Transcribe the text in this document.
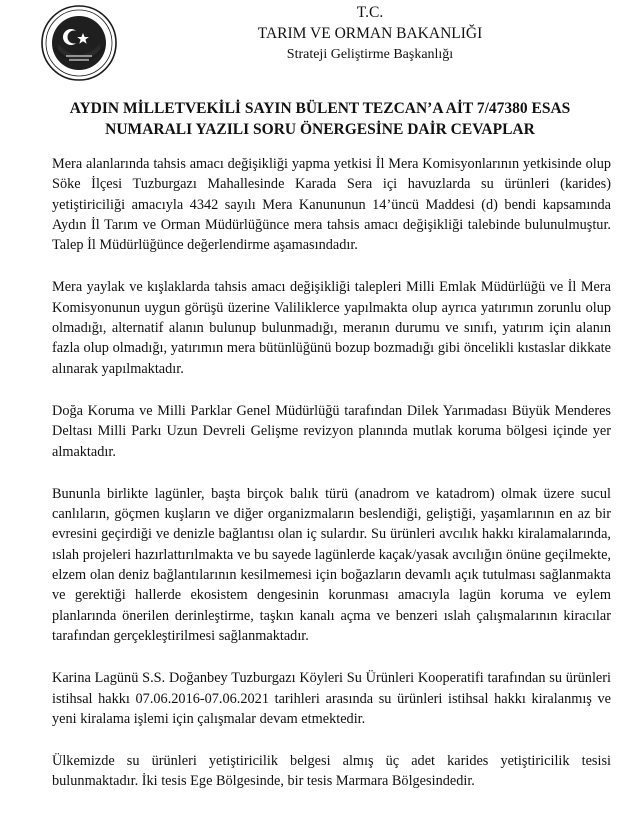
T.C.
TARIM VE ORMAN BAKANLIĞI
Strateji Geliştirme Başkanlığı
AYDIN MİLLETVEKİLİ SAYIN BÜLENT TEZCAN’A AİT 7/47380 ESAS
NUMARALI YAZILI SORU ÖNERGESİNE DAİR CEVAPLAR

Mera alanlarında tahsis amacı değişikliği yapma yetkisi İl Mera Komisyonlarının yetkisinde olup Söke İlçesi Tuzburgazı Mahallesinde Karada Sera içi havuzlarda su ürünleri (karides) yetiştiriciliği amacıyla 4342 sayılı Mera Kanununun 14’üncü Maddesi (d) bendi kapsamında Aydın İl Tarım ve Orman Müdürlüğünce mera tahsis amacı değişikliği talebinde bulunulmuştur. Talep İl Müdürlüğünce değerlendirme aşamasındadır.

Mera yaylak ve kışlaklarda tahsis amacı değişikliği talepleri Milli Emlak Müdürlüğü ve İl Mera Komisyonunun uygun görüşü üzerine Valiliklerce yapılmakta olup ayrıca yatırımın zorunlu olup olmadığı, alternatif alanın bulunup bulunmadığı, meranın durumu ve sınıfı, yatırım için alanın fazla olup olmadığı, yatırımın mera bütünlüğünü bozup bozmadığı gibi öncelikli kıstaslar dikkate alınarak yapılmaktadır.

Doğa Koruma ve Milli Parklar Genel Müdürlüğü tarafından Dilek Yarımadası Büyük Menderes Deltası Milli Parkı Uzun Devreli Gelişme revizyon planında mutlak koruma bölgesi içinde yer almaktadır.

Bununla birlikte lagünler, başta birçok balık türü (anadrom ve katadrom) olmak üzere sucul canlıların, göçmen kuşların ve diğer organizmaların beslendiği, geliştiği, yaşamlarının en az bir evresini geçirdiği ve denizle bağlantısı olan iç sulardır. Su ürünleri avcılık hakkı kiralamalarında, ıslah projeleri hazırlattırılmakta ve bu sayede lagünlerde kaçak/yasak avcılığın önüne geçilmekte, elzem olan deniz bağlantılarının kesilmemesi için boğazların devamlı açık tutulması sağlanmakta ve gerektiği hallerde ekosistem dengesinin korunması amacıyla lagün koruma ve eylem planlarında önerilen derinleştirme, taşkın kanalı açma ve benzeri ıslah çalışmalarının kiracılar tarafından gerçekleştirilmesi sağlanmaktadır.

Karina Lagünü S.S. Doğanbey Tuzburgazı Köyleri Su Ürünleri Kooperatifi tarafından su ürünleri istihsal hakkı 07.06.2016-07.06.2021 tarihleri arasında su ürünleri istihsal hakkı kiralanmış ve yeni kiralama işlemi için çalışmalar devam etmektedir.

Ülkemizde su ürünleri yetiştiricilik belgesi almış üç adet karides yetiştiricilik tesisi bulunmaktadır. İki tesis Ege Bölgesinde, bir tesis Marmara Bölgesindedir.
